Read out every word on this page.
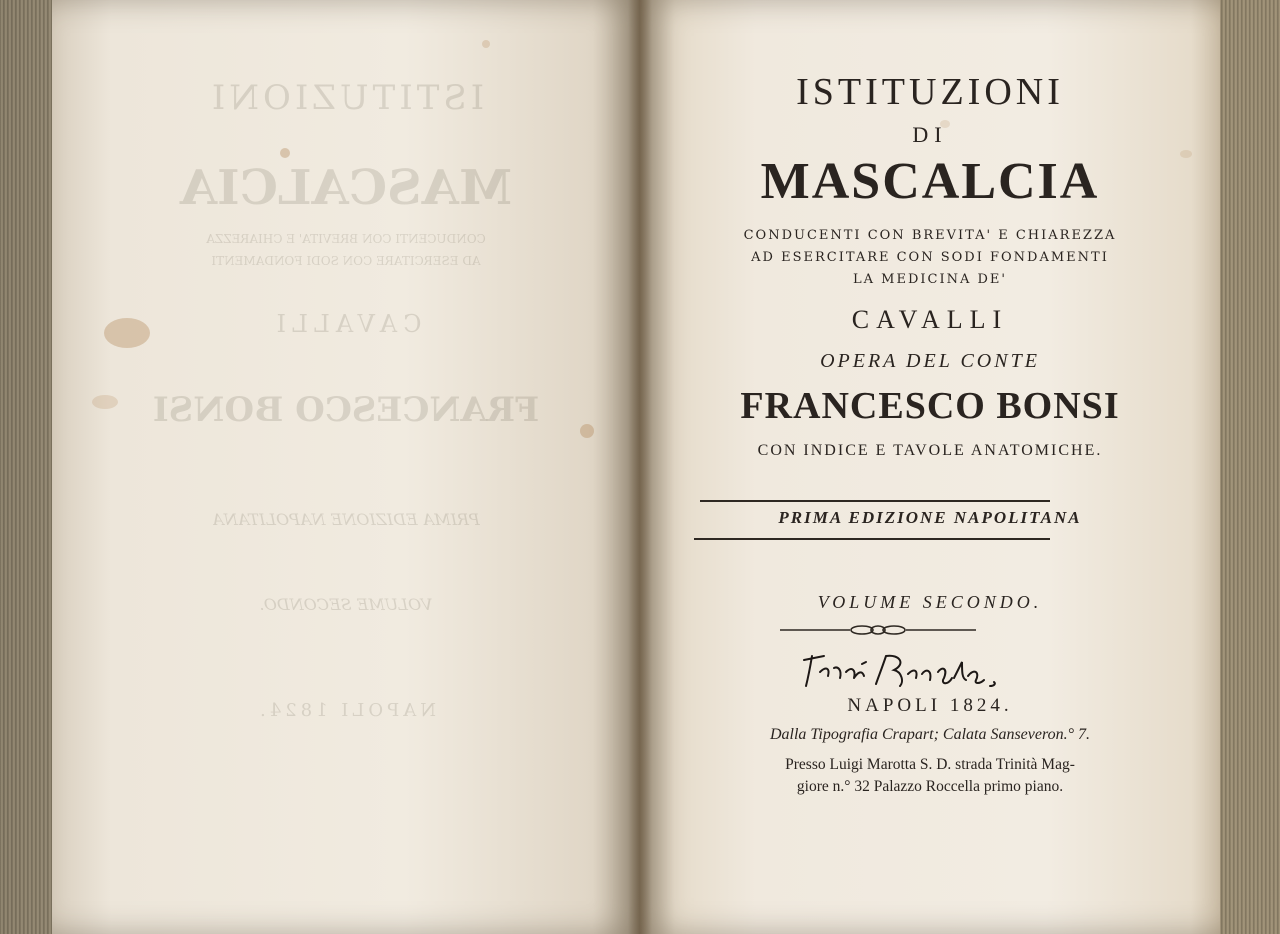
ISTITUZIONI
MASCALCIA
CONDUCENTI CON BREVITA' E CHIAREZZA
AD ESERCITARE CON SODI FONDAMENTI
CAVALLI
FRANCESCO BONSI
PRIMA EDIZIONE NAPOLITANA
VOLUME SECONDO.
NAPOLI 1824.
ISTITUZIONI
DI
MASCALCIA
CONDUCENTI CON BREVITA' E CHIAREZZA
AD ESERCITARE CON SODI FONDAMENTI
LA MEDICINA DE'
CAVALLI
OPERA DEL CONTE
FRANCESCO BONSI
CON INDICE E TAVOLE ANATOMICHE.
PRIMA EDIZIONE NAPOLITANA
VOLUME SECONDO.
NAPOLI 1824.
Dalla Tipografia Crapart; Calata Sanseveron.° 7.
Presso Luigi Marotta S. D. strada Trinità Mag-
giore n.° 32 Palazzo Roccella primo piano.
